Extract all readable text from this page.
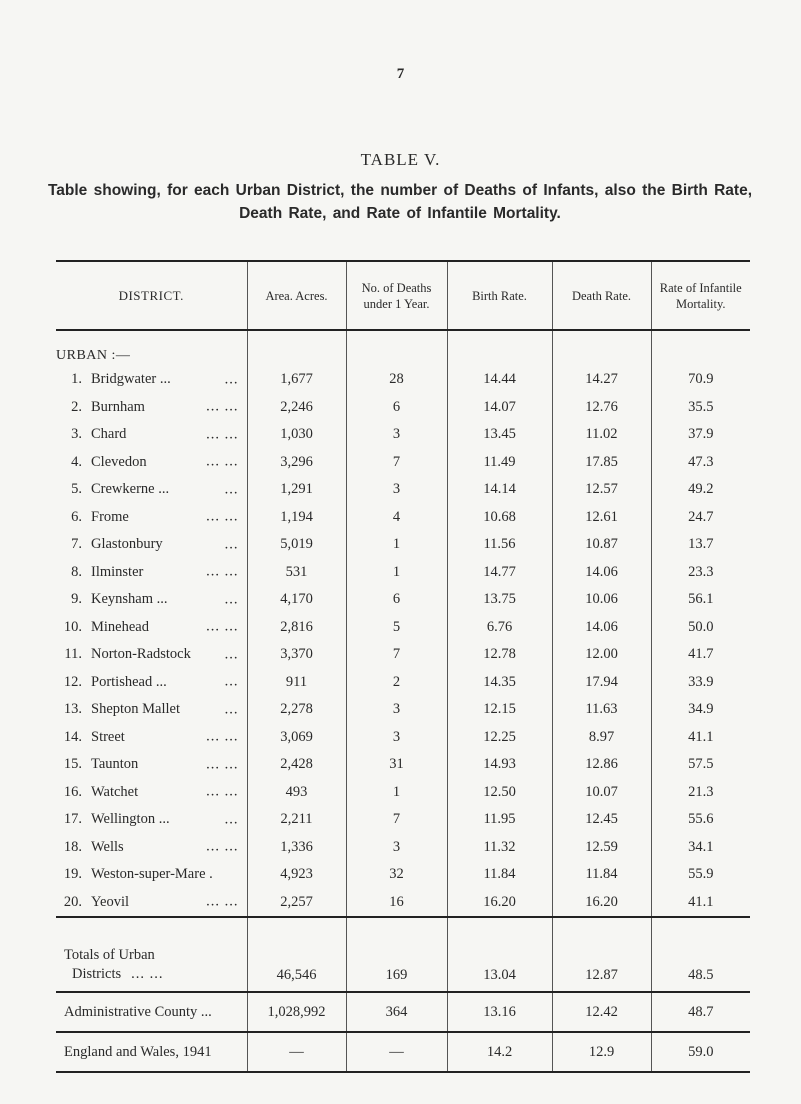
7
TABLE V.
Table showing, for each Urban District, the number of Deaths of Infants, also the Birth Rate, Death Rate, and Rate of Infantile Mortality.
DISTRICT.	Area. Acres.	No. of Deaths under 1 Year.	Birth Rate.	Death Rate.	Rate of Infantile Mortality.
URBAN :—					
1. Bridgwater ... ...	1,677	28	14.44	14.27	70.9
2. Burnham ... ...	2,246	6	14.07	12.76	35.5
3. Chard ... ...	1,030	3	13.45	11.02	37.9
4. Clevedon ... ...	3,296	7	11.49	17.85	47.3
5. Crewkerne ... ...	1,291	3	14.14	12.57	49.2
6. Frome ... ...	1,194	4	10.68	12.61	24.7
7. Glastonbury ...	5,019	1	11.56	10.87	13.7
8. Ilminster ... ...	531	1	14.77	14.06	23.3
9. Keynsham ... ...	4,170	6	13.75	10.06	56.1
10. Minehead ... ...	2,816	5	6.76	14.06	50.0
11. Norton-Radstock ...	3,370	7	12.78	12.00	41.7
12. Portishead ... ...	911	2	14.35	17.94	33.9
13. Shepton Mallet ...	2,278	3	12.15	11.63	34.9
14. Street ... ...	3,069	3	12.25	8.97	41.1
15. Taunton ... ...	2,428	31	14.93	12.86	57.5
16. Watchet ... ...	493	1	12.50	10.07	21.3
17. Wellington ... ...	2,211	7	11.95	12.45	55.6
18. Wells ... ...	1,336	3	11.32	12.59	34.1
19. Weston-super-Mare .	4,923	32	11.84	11.84	55.9
20. Yeovil ... ...	2,257	16	16.20	16.20	41.1
Totals of Urban
Districts ... ...	46,546	169	13.04	12.87	48.5
Administrative County ...	1,028,992	364	13.16	12.42	48.7
England and Wales, 1941	—	—	14.2	12.9	59.0
